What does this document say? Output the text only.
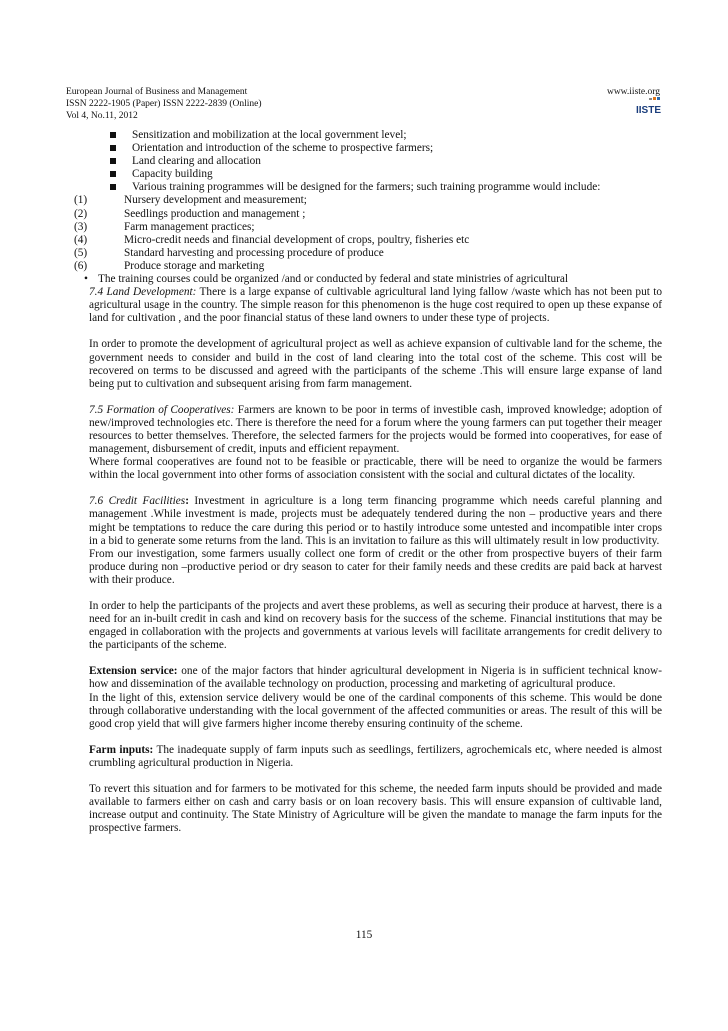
European Journal of Business and Management
ISSN 2222-1905 (Paper) ISSN 2222-2839 (Online)
Vol 4, No.11, 2012
www.iiste.org
IISTE
Sensitization and mobilization at the local government level;
Orientation and introduction of the scheme to prospective farmers;
Land clearing and allocation
Capacity building
Various training programmes will be designed for the farmers; such training programme would include:
(1)	Nursery development and measurement;
(2)	Seedlings production and management ;
(3)	Farm management practices;
(4)	Micro-credit needs and financial development of crops, poultry, fisheries etc
(5)	Standard harvesting and processing procedure of produce
(6)	Produce storage and marketing
• The training courses could be organized /and or conducted by federal and state ministries of agricultural
7.4 Land Development: There is a large expanse of cultivable agricultural land lying fallow /waste which has not been put to agricultural usage in the country. The simple reason for this phenomenon is the huge cost required to open up these expanse of land for cultivation , and the poor financial status of these land owners to under these type of projects.
In order to promote the development of agricultural project as well as achieve expansion of cultivable land for the scheme, the government needs to consider and build in the cost of land clearing into the total cost of the scheme. This cost will be recovered on terms to be discussed and agreed with the participants of the scheme .This will ensure large expanse of land being put to cultivation and subsequent arising from farm management.
7.5 Formation of Cooperatives: Farmers are known to be poor in terms of investible cash, improved knowledge; adoption of new/improved technologies etc. There is therefore the need for a forum where the young farmers can put together their meager resources to better themselves. Therefore, the selected farmers for the projects would be formed into cooperatives, for ease of management, disbursement of credit, inputs and efficient repayment.
Where formal cooperatives are found not to be feasible or practicable, there will be need to organize the would be farmers within the local government into other forms of association consistent with the social and cultural dictates of the locality.
7.6 Credit Facilities: Investment in agriculture is a long term financing programme which needs careful planning and management .While investment is made, projects must be adequately tendered during the non – productive years and there might be temptations to reduce the care during this period or to hastily introduce some untested and incompatible inter crops in a bid to generate some returns from the land. This is an invitation to failure as this will ultimately result in low productivity.
From our investigation, some farmers usually collect one form of credit or the other from prospective buyers of their farm produce during non –productive period or dry season to cater for their family needs and these credits are paid back at harvest with their produce.
In order to help the participants of the projects and avert these problems, as well as securing their produce at harvest, there is a need for an in-built credit in cash and kind on recovery basis for the success of the scheme. Financial institutions that may be engaged in collaboration with the projects and governments at various levels will facilitate arrangements for credit delivery to the participants of the scheme.
Extension service: one of the major factors that hinder agricultural development in Nigeria is in sufficient technical know-how and dissemination of the available technology on production, processing and marketing of agricultural produce.
In the light of this, extension service delivery would be one of the cardinal components of this scheme. This would be done through collaborative understanding with the local government of the affected communities or areas. The result of this will be good crop yield that will give farmers higher income thereby ensuring continuity of the scheme.
Farm inputs: The inadequate supply of farm inputs such as seedlings, fertilizers, agrochemicals etc, where needed is almost crumbling agricultural production in Nigeria.
To revert this situation and for farmers to be motivated for this scheme, the needed farm inputs should be provided and made available to farmers either on cash and carry basis or on loan recovery basis. This will ensure expansion of cultivable land, increase output and continuity. The State Ministry of Agriculture will be given the mandate to manage the farm inputs for the prospective farmers.
115
